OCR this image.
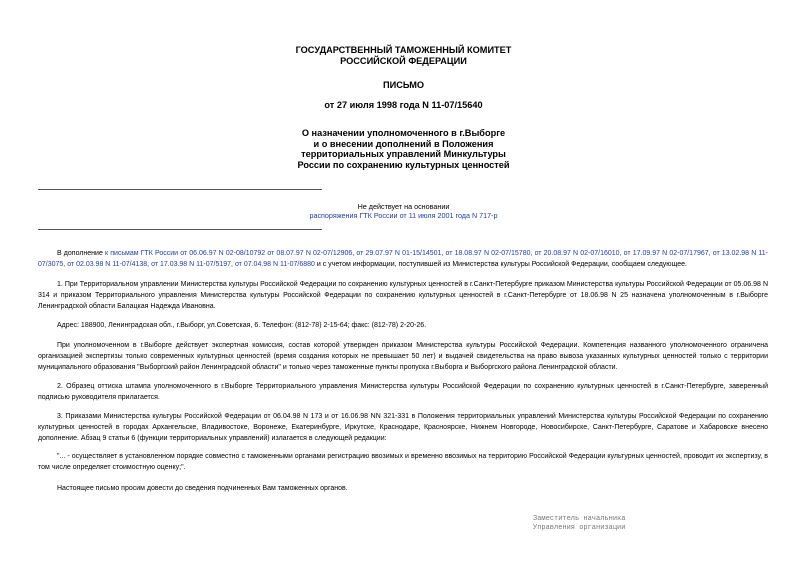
ГОСУДАРСТВЕННЫЙ ТАМОЖЕННЫЙ КОМИТЕТ
РОССИЙСКОЙ ФЕДЕРАЦИИ
ПИСЬМО
от 27 июля 1998 года N 11-07/15640
О назначении уполномоченного в г.Выборге
и о внесении дополнений в Положения
территориальных управлений Минкультуры
России по сохранению культурных ценностей
Не действует на основании
распоряжения ГТК России от 11 июля 2001 года N 717-р
В дополнение к письмам ГТК России от 06.06.97 N 02-08/10792 от 08.07.97 N 02-07/12906, от 29.07.97 N 01-15/14501, от 18.08.97 N 02-07/15780, от 20.08.97 N 02-07/16010, от 17.09.97 N 02-07/17967, от 13.02.98 N 11-07/3075, от 02.03.98 N 11-07/4138, от 17.03.98 N 11-07/5197, от 07.04.98 N 11-07/6880 и с учетом информации, поступившей из Министерства культуры Российской Федерации, сообщаем следующее.
1. При Территориальном управлении Министерства культуры Российской Федерации по сохранению культурных ценностей в г.Санкт-Петербурге приказом Министерства культуры Российской Федерации от 05.06.98 N 314 и приказом Территориального управления Министерства культуры Российской Федерации по сохранению культурных ценностей в г.Санкт-Петербурге от 18.06.98 N 25 назначена уполномоченным в г.Выборге Ленинградской области Балацкая Надежда Ивановна.
Адрес: 188900, Ленинградская обл., г.Выборг, ул.Советская, 6. Телефон: (812-78) 2-15-64; факс: (812-78) 2-20-26.
При уполномоченном в г.Выборге действует экспертная комиссия, состав которой утвержден приказом Министерства культуры Российской Федерации. Компетенция названного уполномоченного ограничена организацией экспертизы только современных культурных ценностей (время создания которых не превышает 50 лет) и выдачей свидетельства на право вывоза указанных культурных ценностей только с территории муниципального образования "Выборгский район Ленинградской области" и только через таможенные пункты пропуска г.Выборга и Выборгского района Ленинградской области.
2. Образец оттиска штампа уполномоченного в г.Выборге Территориального управления Министерства культуры Российской Федерации по сохранению культурных ценностей в г.Санкт-Петербурге, заверенный подписью руководителя прилагается.
3. Приказами Министерства культуры Российской Федерации от 06.04.98 N 173 и от 16.06.98 NN 321-331 в Положения территориальных управлений Министерства культуры Российской Федерации по сохранению культурных ценностей в городах Архангельске, Владивостоке, Воронеже, Екатеринбурге, Иркутске, Краснодаре, Красноярске, Нижнем Новгороде, Новосибирске, Санкт-Петербурге, Саратове и Хабаровске внесено дополнение. Абзац 9 статьи 6 (функции территориальных управлений) излагается в следующей редакции:
"... - осуществляет в установленном порядке совместно с таможенными органами регистрацию ввозимых и временно ввозимых на территорию Российской Федерации культурных ценностей, проводит их экспертизу, в том числе определяет стоимостную оценку;".
Настоящее письмо просим довести до сведения подчиненных Вам таможенных органов.
Заместитель начальника
Управления организации
